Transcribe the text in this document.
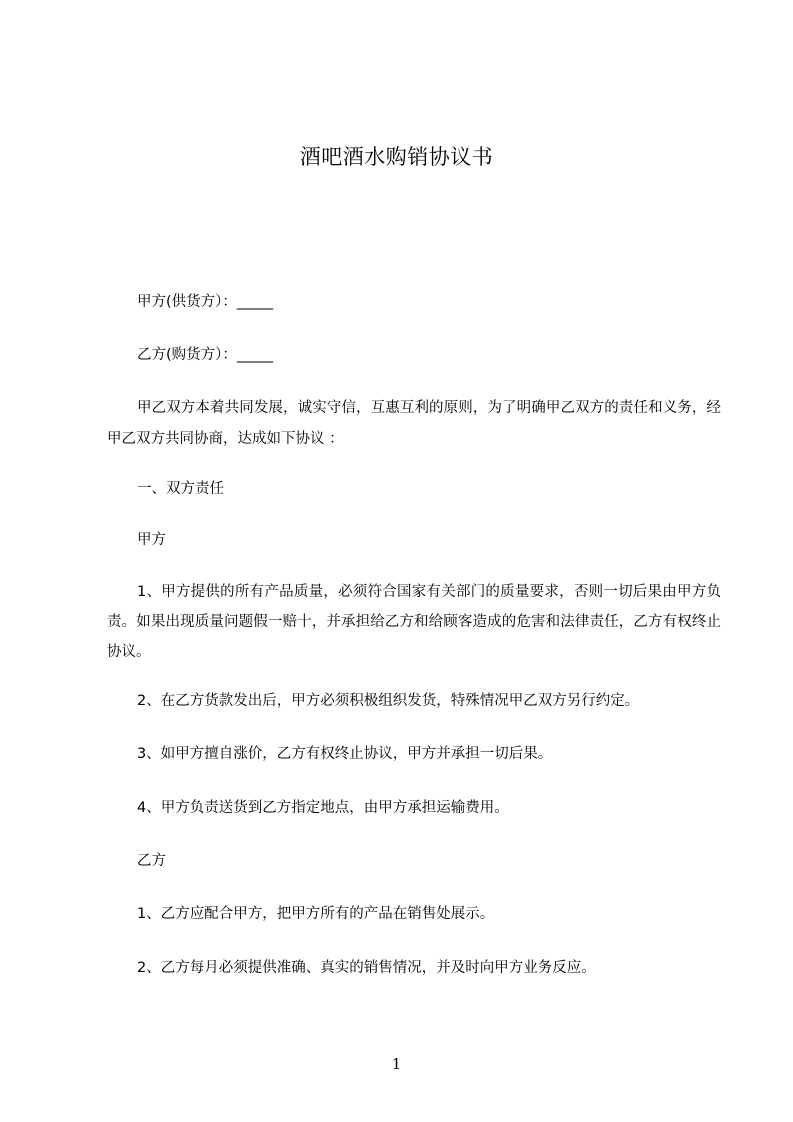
酒吧酒水购销协议书
甲方(供货方）：_____
乙方(购货方）：_____
甲乙双方本着共同发展，诚实守信，互惠互利的原则，为了明确甲乙双方的责任和义务，经甲乙双方共同协商，达成如下协议 ：
一、双方责任
甲方
1、甲方提供的所有产品质量，必须符合国家有关部门的质量要求，否则一切后果由甲方负责。如果出现质量问题假一赔十，并承担给乙方和给顾客造成的危害和法律责任，乙方有权终止协议。
2、在乙方货款发出后，甲方必须积极组织发货，特殊情况甲乙双方另行约定。
3、如甲方擅自涨价，乙方有权终止协议，甲方并承担一切后果。
4、甲方负责送货到乙方指定地点，由甲方承担运输费用。
乙方
1、乙方应配合甲方，把甲方所有的产品在销售处展示。
2、乙方每月必须提供准确、真实的销售情况，并及时向甲方业务反应。
1
